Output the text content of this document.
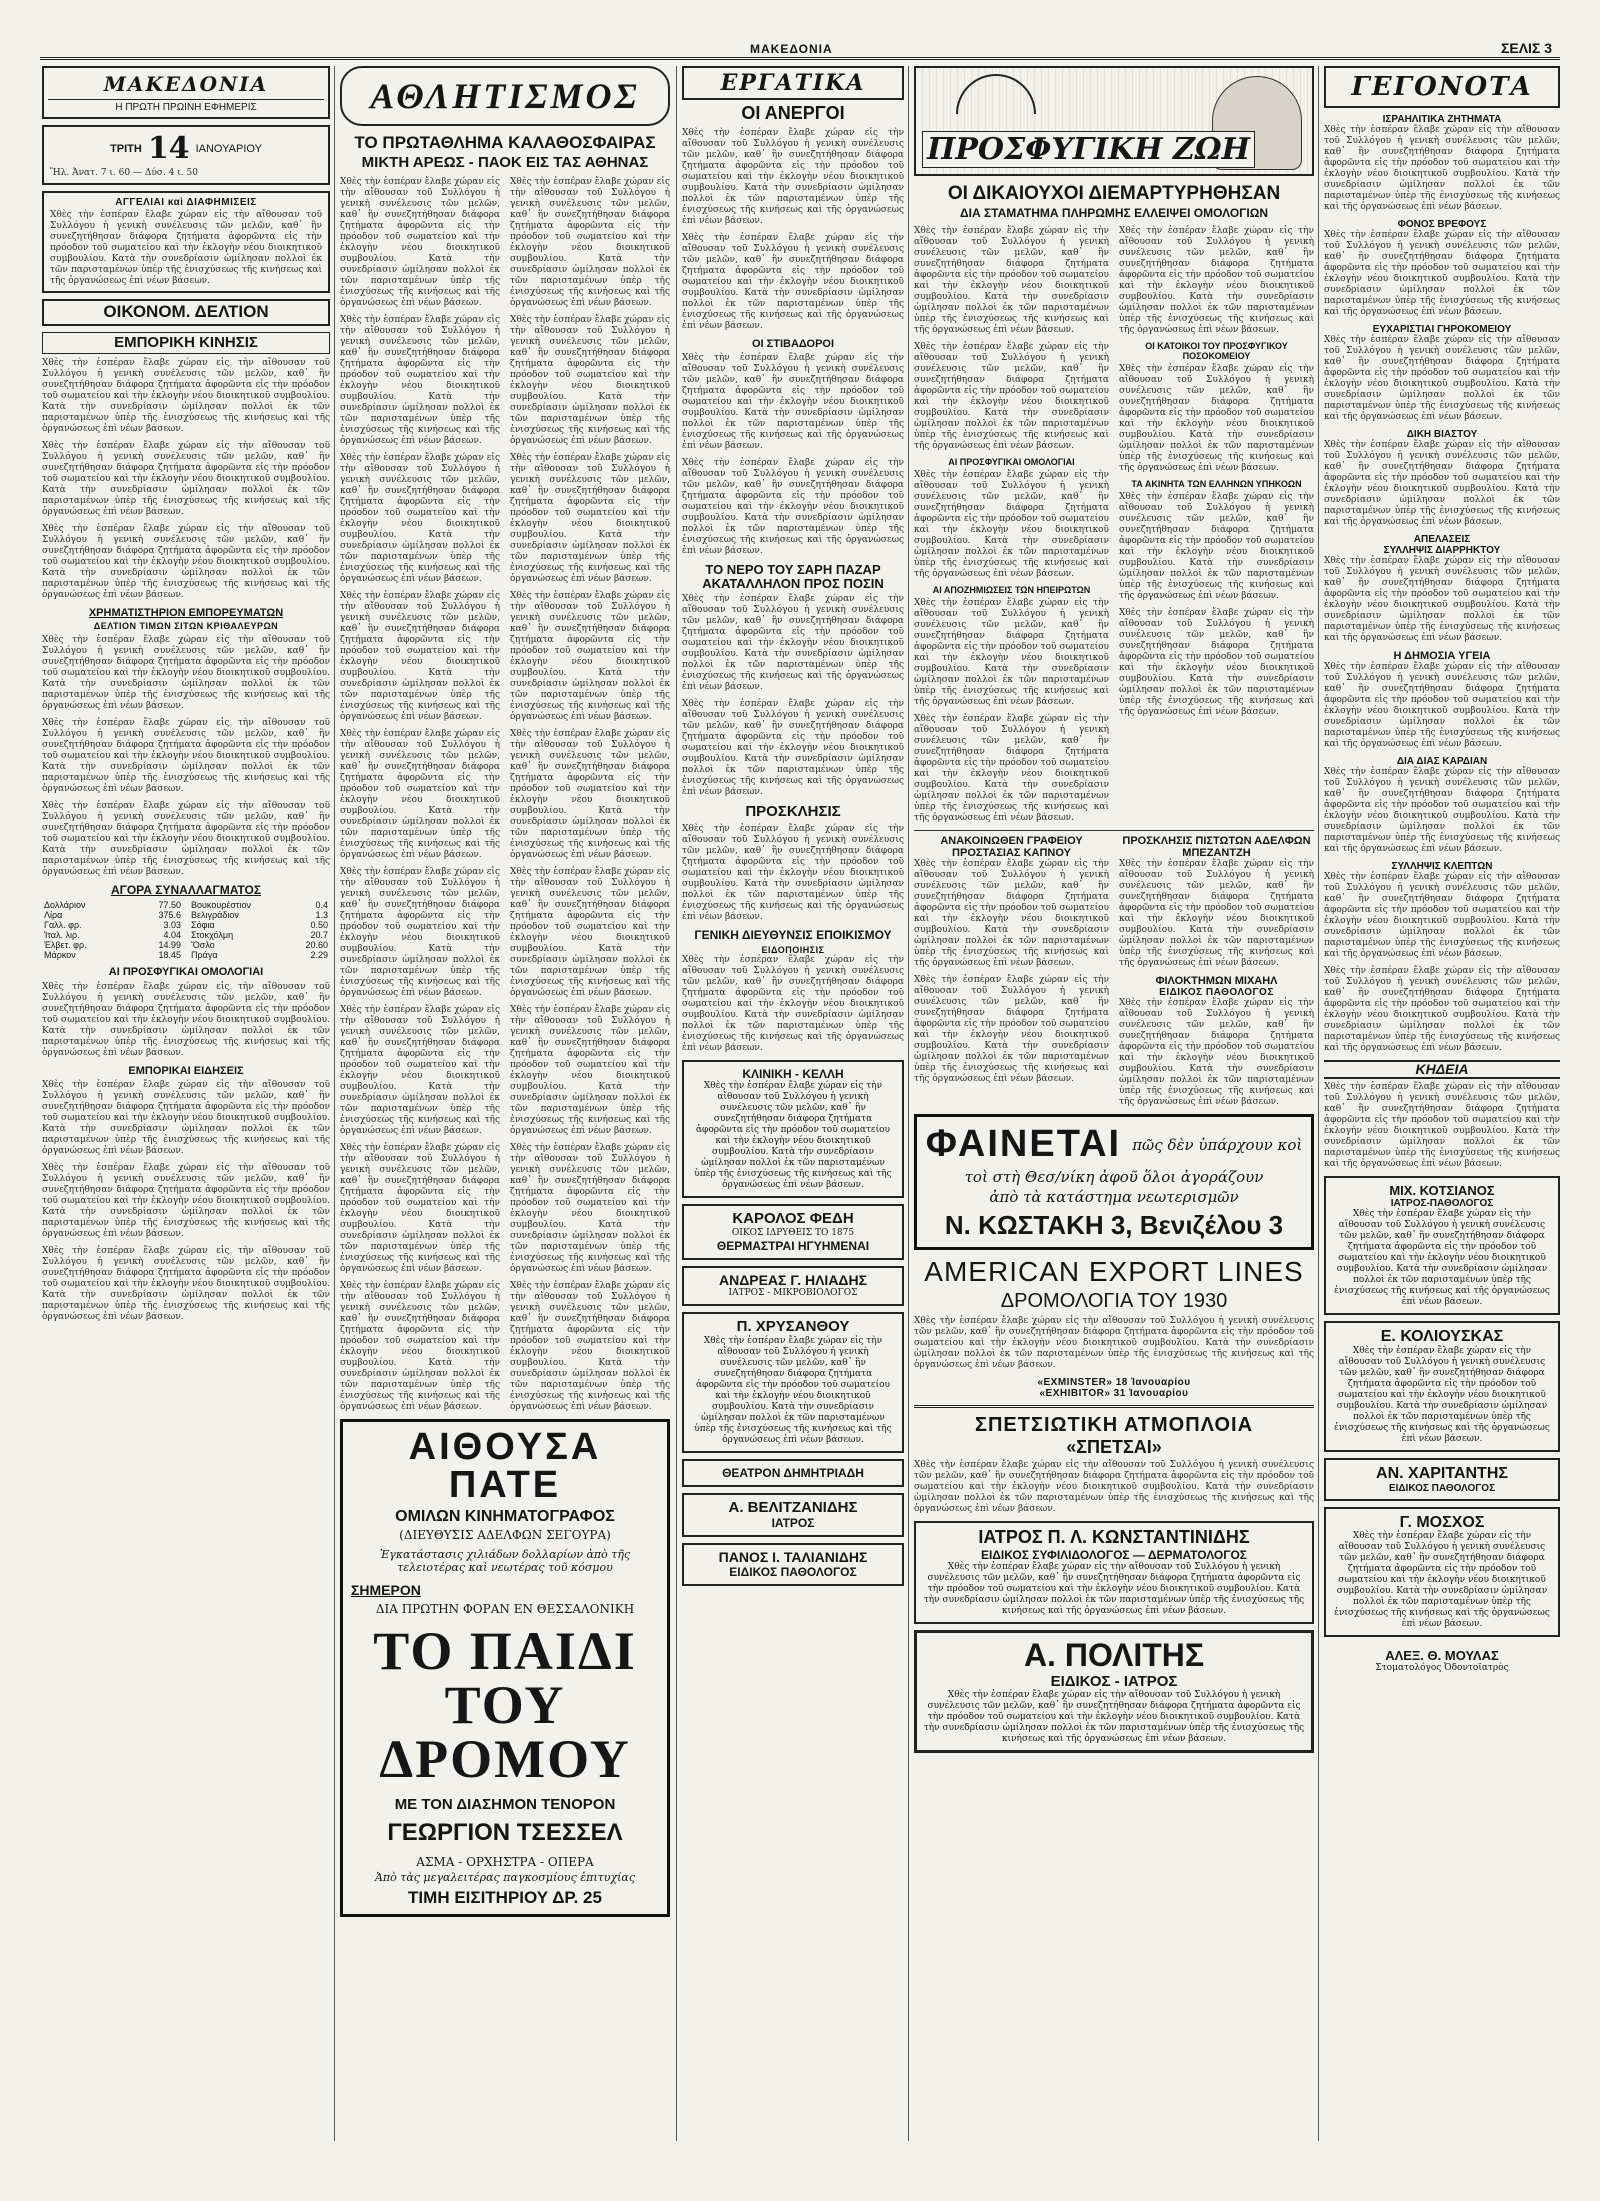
ΜΑΚΕΔΟΝΙΑ	ΣΕΛΙΣ 3
ΜΑΚΕΔΟΝΙΑ
Η ΠΡΩΤΗ ΠΡΩΙΝΗ ΕΦΗΜΕΡΙΣ
ΤΡΙΤΗ 14 ΙΑΝΟΥΑΡΙΟΥ
Ἥλ. Ἀνατ. 7 ι. 60 — Δύσ. 4 ι. 50
ΑΓΓΕΛΙΑΙ καὶ ΔΙΑΦΗΜΙΣΕΙΣ
Χθὲς τὴν ἑσπέραν ἔλαβε χώραν εἰς τὴν αἴθουσαν τοῦ Συλλόγου ἡ γενικὴ συνέλευσις τῶν μελῶν, καθ᾽ ἣν συνεζητήθησαν διάφορα ζητήματα ἀφορῶντα εἰς τὴν πρόοδον τοῦ σωματείου καὶ τὴν ἐκλογὴν νέου διοικητικοῦ συμβουλίου. Κατὰ τὴν συνεδρίασιν ὡμίλησαν πολλοὶ ἐκ τῶν παρισταμένων ὑπὲρ τῆς ἐνισχύσεως τῆς κινήσεως καὶ τῆς ὀργανώσεως ἐπὶ νέων βάσεων.
ΟΙΚΟΝΟΜ. ΔΕΛΤΙΟΝ
ΕΜΠΟΡΙΚΗ ΚΙΝΗΣΙΣ
Χθὲς τὴν ἑσπέραν ἔλαβε χώραν εἰς τὴν αἴθουσαν τοῦ Συλλόγου ἡ γενικὴ συνέλευσις τῶν μελῶν, καθ᾽ ἣν συνεζητήθησαν διάφορα ζητήματα ἀφορῶντα εἰς τὴν πρόοδον τοῦ σωματείου καὶ τὴν ἐκλογὴν νέου διοικητικοῦ συμβουλίου. Κατὰ τὴν συνεδρίασιν ὡμίλησαν πολλοὶ ἐκ τῶν παρισταμένων ὑπὲρ τῆς ἐνισχύσεως τῆς κινήσεως καὶ τῆς ὀργανώσεως ἐπὶ νέων βάσεων.
Χθὲς τὴν ἑσπέραν ἔλαβε χώραν εἰς τὴν αἴθουσαν τοῦ Συλλόγου ἡ γενικὴ συνέλευσις τῶν μελῶν, καθ᾽ ἣν συνεζητήθησαν διάφορα ζητήματα ἀφορῶντα εἰς τὴν πρόοδον τοῦ σωματείου καὶ τὴν ἐκλογὴν νέου διοικητικοῦ συμβουλίου. Κατὰ τὴν συνεδρίασιν ὡμίλησαν πολλοὶ ἐκ τῶν παρισταμένων ὑπὲρ τῆς ἐνισχύσεως τῆς κινήσεως καὶ τῆς ὀργανώσεως ἐπὶ νέων βάσεων.
Χθὲς τὴν ἑσπέραν ἔλαβε χώραν εἰς τὴν αἴθουσαν τοῦ Συλλόγου ἡ γενικὴ συνέλευσις τῶν μελῶν, καθ᾽ ἣν συνεζητήθησαν διάφορα ζητήματα ἀφορῶντα εἰς τὴν πρόοδον τοῦ σωματείου καὶ τὴν ἐκλογὴν νέου διοικητικοῦ συμβουλίου. Κατὰ τὴν συνεδρίασιν ὡμίλησαν πολλοὶ ἐκ τῶν παρισταμένων ὑπὲρ τῆς ἐνισχύσεως τῆς κινήσεως καὶ τῆς ὀργανώσεως ἐπὶ νέων βάσεων.
ΧΡΗΜΑΤΙΣΤΗΡΙΟΝ ΕΜΠΟΡΕΥΜΑΤΩΝ
ΔΕΛΤΙΟΝ ΤΙΜΩΝ ΣΙΤΩΝ ΚΡΙΘΑΛΕΥΡΩΝ
Χθὲς τὴν ἑσπέραν ἔλαβε χώραν εἰς τὴν αἴθουσαν τοῦ Συλλόγου ἡ γενικὴ συνέλευσις τῶν μελῶν, καθ᾽ ἣν συνεζητήθησαν διάφορα ζητήματα ἀφορῶντα εἰς τὴν πρόοδον τοῦ σωματείου καὶ τὴν ἐκλογὴν νέου διοικητικοῦ συμβουλίου. Κατὰ τὴν συνεδρίασιν ὡμίλησαν πολλοὶ ἐκ τῶν παρισταμένων ὑπὲρ τῆς ἐνισχύσεως τῆς κινήσεως καὶ τῆς ὀργανώσεως ἐπὶ νέων βάσεων.
Χθὲς τὴν ἑσπέραν ἔλαβε χώραν εἰς τὴν αἴθουσαν τοῦ Συλλόγου ἡ γενικὴ συνέλευσις τῶν μελῶν, καθ᾽ ἣν συνεζητήθησαν διάφορα ζητήματα ἀφορῶντα εἰς τὴν πρόοδον τοῦ σωματείου καὶ τὴν ἐκλογὴν νέου διοικητικοῦ συμβουλίου. Κατὰ τὴν συνεδρίασιν ὡμίλησαν πολλοὶ ἐκ τῶν παρισταμένων ὑπὲρ τῆς ἐνισχύσεως τῆς κινήσεως καὶ τῆς ὀργανώσεως ἐπὶ νέων βάσεων.
Χθὲς τὴν ἑσπέραν ἔλαβε χώραν εἰς τὴν αἴθουσαν τοῦ Συλλόγου ἡ γενικὴ συνέλευσις τῶν μελῶν, καθ᾽ ἣν συνεζητήθησαν διάφορα ζητήματα ἀφορῶντα εἰς τὴν πρόοδον τοῦ σωματείου καὶ τὴν ἐκλογὴν νέου διοικητικοῦ συμβουλίου. Κατὰ τὴν συνεδρίασιν ὡμίλησαν πολλοὶ ἐκ τῶν παρισταμένων ὑπὲρ τῆς ἐνισχύσεως τῆς κινήσεως καὶ τῆς ὀργανώσεως ἐπὶ νέων βάσεων.
ΑΓΟΡΑ ΣΥΝΑΛΛΑΓΜΑΤΟΣ
Δολλάριον	77.50
Λίρα	375.6
Γαλλ. φρ.	3.03
Ἰταλ. λιρ.	4.04
Ἑλβετ. φρ.	14.99
Μάρκον	18.45
Βουκουρέστιον	0.4
Βελιγράδιον	1.3
Σόφια	0.50
Στοκχόλμη	20.7
Ὄσλο	20.60
Πράγα	2.29
ΑΙ ΠΡΟΣΦΥΓΙΚΑΙ ΟΜΟΛΟΓΙΑΙ
Χθὲς τὴν ἑσπέραν ἔλαβε χώραν εἰς τὴν αἴθουσαν τοῦ Συλλόγου ἡ γενικὴ συνέλευσις τῶν μελῶν, καθ᾽ ἣν συνεζητήθησαν διάφορα ζητήματα ἀφορῶντα εἰς τὴν πρόοδον τοῦ σωματείου καὶ τὴν ἐκλογὴν νέου διοικητικοῦ συμβουλίου. Κατὰ τὴν συνεδρίασιν ὡμίλησαν πολλοὶ ἐκ τῶν παρισταμένων ὑπὲρ τῆς ἐνισχύσεως τῆς κινήσεως καὶ τῆς ὀργανώσεως ἐπὶ νέων βάσεων.
ΕΜΠΟΡΙΚΑΙ ΕΙΔΗΣΕΙΣ
Χθὲς τὴν ἑσπέραν ἔλαβε χώραν εἰς τὴν αἴθουσαν τοῦ Συλλόγου ἡ γενικὴ συνέλευσις τῶν μελῶν, καθ᾽ ἣν συνεζητήθησαν διάφορα ζητήματα ἀφορῶντα εἰς τὴν πρόοδον τοῦ σωματείου καὶ τὴν ἐκλογὴν νέου διοικητικοῦ συμβουλίου. Κατὰ τὴν συνεδρίασιν ὡμίλησαν πολλοὶ ἐκ τῶν παρισταμένων ὑπὲρ τῆς ἐνισχύσεως τῆς κινήσεως καὶ τῆς ὀργανώσεως ἐπὶ νέων βάσεων.
Χθὲς τὴν ἑσπέραν ἔλαβε χώραν εἰς τὴν αἴθουσαν τοῦ Συλλόγου ἡ γενικὴ συνέλευσις τῶν μελῶν, καθ᾽ ἣν συνεζητήθησαν διάφορα ζητήματα ἀφορῶντα εἰς τὴν πρόοδον τοῦ σωματείου καὶ τὴν ἐκλογὴν νέου διοικητικοῦ συμβουλίου. Κατὰ τὴν συνεδρίασιν ὡμίλησαν πολλοὶ ἐκ τῶν παρισταμένων ὑπὲρ τῆς ἐνισχύσεως τῆς κινήσεως καὶ τῆς ὀργανώσεως ἐπὶ νέων βάσεων.
Χθὲς τὴν ἑσπέραν ἔλαβε χώραν εἰς τὴν αἴθουσαν τοῦ Συλλόγου ἡ γενικὴ συνέλευσις τῶν μελῶν, καθ᾽ ἣν συνεζητήθησαν διάφορα ζητήματα ἀφορῶντα εἰς τὴν πρόοδον τοῦ σωματείου καὶ τὴν ἐκλογὴν νέου διοικητικοῦ συμβουλίου. Κατὰ τὴν συνεδρίασιν ὡμίλησαν πολλοὶ ἐκ τῶν παρισταμένων ὑπὲρ τῆς ἐνισχύσεως τῆς κινήσεως καὶ τῆς ὀργανώσεως ἐπὶ νέων βάσεων.
ΑΘΛΗΤΙΣΜΟΣ
ΤΟ ΠΡΩΤΑΘΛΗΜΑ ΚΑΛΑΘΟΣΦΑΙΡΑΣ
ΜΙΚΤΗ ΑΡΕΩΣ - ΠΑΟΚ ΕΙΣ ΤΑΣ ΑΘΗΝΑΣ
Χθὲς τὴν ἑσπέραν ἔλαβε χώραν εἰς τὴν αἴθουσαν τοῦ Συλλόγου ἡ γενικὴ συνέλευσις τῶν μελῶν, καθ᾽ ἣν συνεζητήθησαν διάφορα ζητήματα ἀφορῶντα εἰς τὴν πρόοδον τοῦ σωματείου καὶ τὴν ἐκλογὴν νέου διοικητικοῦ συμβουλίου. Κατὰ τὴν συνεδρίασιν ὡμίλησαν πολλοὶ ἐκ τῶν παρισταμένων ὑπὲρ τῆς ἐνισχύσεως τῆς κινήσεως καὶ τῆς ὀργανώσεως ἐπὶ νέων βάσεων.
Χθὲς τὴν ἑσπέραν ἔλαβε χώραν εἰς τὴν αἴθουσαν τοῦ Συλλόγου ἡ γενικὴ συνέλευσις τῶν μελῶν, καθ᾽ ἣν συνεζητήθησαν διάφορα ζητήματα ἀφορῶντα εἰς τὴν πρόοδον τοῦ σωματείου καὶ τὴν ἐκλογὴν νέου διοικητικοῦ συμβουλίου. Κατὰ τὴν συνεδρίασιν ὡμίλησαν πολλοὶ ἐκ τῶν παρισταμένων ὑπὲρ τῆς ἐνισχύσεως τῆς κινήσεως καὶ τῆς ὀργανώσεως ἐπὶ νέων βάσεων.
Χθὲς τὴν ἑσπέραν ἔλαβε χώραν εἰς τὴν αἴθουσαν τοῦ Συλλόγου ἡ γενικὴ συνέλευσις τῶν μελῶν, καθ᾽ ἣν συνεζητήθησαν διάφορα ζητήματα ἀφορῶντα εἰς τὴν πρόοδον τοῦ σωματείου καὶ τὴν ἐκλογὴν νέου διοικητικοῦ συμβουλίου. Κατὰ τὴν συνεδρίασιν ὡμίλησαν πολλοὶ ἐκ τῶν παρισταμένων ὑπὲρ τῆς ἐνισχύσεως τῆς κινήσεως καὶ τῆς ὀργανώσεως ἐπὶ νέων βάσεων.
Χθὲς τὴν ἑσπέραν ἔλαβε χώραν εἰς τὴν αἴθουσαν τοῦ Συλλόγου ἡ γενικὴ συνέλευσις τῶν μελῶν, καθ᾽ ἣν συνεζητήθησαν διάφορα ζητήματα ἀφορῶντα εἰς τὴν πρόοδον τοῦ σωματείου καὶ τὴν ἐκλογὴν νέου διοικητικοῦ συμβουλίου. Κατὰ τὴν συνεδρίασιν ὡμίλησαν πολλοὶ ἐκ τῶν παρισταμένων ὑπὲρ τῆς ἐνισχύσεως τῆς κινήσεως καὶ τῆς ὀργανώσεως ἐπὶ νέων βάσεων.
Χθὲς τὴν ἑσπέραν ἔλαβε χώραν εἰς τὴν αἴθουσαν τοῦ Συλλόγου ἡ γενικὴ συνέλευσις τῶν μελῶν, καθ᾽ ἣν συνεζητήθησαν διάφορα ζητήματα ἀφορῶντα εἰς τὴν πρόοδον τοῦ σωματείου καὶ τὴν ἐκλογὴν νέου διοικητικοῦ συμβουλίου. Κατὰ τὴν συνεδρίασιν ὡμίλησαν πολλοὶ ἐκ τῶν παρισταμένων ὑπὲρ τῆς ἐνισχύσεως τῆς κινήσεως καὶ τῆς ὀργανώσεως ἐπὶ νέων βάσεων.
Χθὲς τὴν ἑσπέραν ἔλαβε χώραν εἰς τὴν αἴθουσαν τοῦ Συλλόγου ἡ γενικὴ συνέλευσις τῶν μελῶν, καθ᾽ ἣν συνεζητήθησαν διάφορα ζητήματα ἀφορῶντα εἰς τὴν πρόοδον τοῦ σωματείου καὶ τὴν ἐκλογὴν νέου διοικητικοῦ συμβουλίου. Κατὰ τὴν συνεδρίασιν ὡμίλησαν πολλοὶ ἐκ τῶν παρισταμένων ὑπὲρ τῆς ἐνισχύσεως τῆς κινήσεως καὶ τῆς ὀργανώσεως ἐπὶ νέων βάσεων.
Χθὲς τὴν ἑσπέραν ἔλαβε χώραν εἰς τὴν αἴθουσαν τοῦ Συλλόγου ἡ γενικὴ συνέλευσις τῶν μελῶν, καθ᾽ ἣν συνεζητήθησαν διάφορα ζητήματα ἀφορῶντα εἰς τὴν πρόοδον τοῦ σωματείου καὶ τὴν ἐκλογὴν νέου διοικητικοῦ συμβουλίου. Κατὰ τὴν συνεδρίασιν ὡμίλησαν πολλοὶ ἐκ τῶν παρισταμένων ὑπὲρ τῆς ἐνισχύσεως τῆς κινήσεως καὶ τῆς ὀργανώσεως ἐπὶ νέων βάσεων.
Χθὲς τὴν ἑσπέραν ἔλαβε χώραν εἰς τὴν αἴθουσαν τοῦ Συλλόγου ἡ γενικὴ συνέλευσις τῶν μελῶν, καθ᾽ ἣν συνεζητήθησαν διάφορα ζητήματα ἀφορῶντα εἰς τὴν πρόοδον τοῦ σωματείου καὶ τὴν ἐκλογὴν νέου διοικητικοῦ συμβουλίου. Κατὰ τὴν συνεδρίασιν ὡμίλησαν πολλοὶ ἐκ τῶν παρισταμένων ὑπὲρ τῆς ἐνισχύσεως τῆς κινήσεως καὶ τῆς ὀργανώσεως ἐπὶ νέων βάσεων.
Χθὲς τὴν ἑσπέραν ἔλαβε χώραν εἰς τὴν αἴθουσαν τοῦ Συλλόγου ἡ γενικὴ συνέλευσις τῶν μελῶν, καθ᾽ ἣν συνεζητήθησαν διάφορα ζητήματα ἀφορῶντα εἰς τὴν πρόοδον τοῦ σωματείου καὶ τὴν ἐκλογὴν νέου διοικητικοῦ συμβουλίου. Κατὰ τὴν συνεδρίασιν ὡμίλησαν πολλοὶ ἐκ τῶν παρισταμένων ὑπὲρ τῆς ἐνισχύσεως τῆς κινήσεως καὶ τῆς ὀργανώσεως ἐπὶ νέων βάσεων.
Χθὲς τὴν ἑσπέραν ἔλαβε χώραν εἰς τὴν αἴθουσαν τοῦ Συλλόγου ἡ γενικὴ συνέλευσις τῶν μελῶν, καθ᾽ ἣν συνεζητήθησαν διάφορα ζητήματα ἀφορῶντα εἰς τὴν πρόοδον τοῦ σωματείου καὶ τὴν ἐκλογὴν νέου διοικητικοῦ συμβουλίου. Κατὰ τὴν συνεδρίασιν ὡμίλησαν πολλοὶ ἐκ τῶν παρισταμένων ὑπὲρ τῆς ἐνισχύσεως τῆς κινήσεως καὶ τῆς ὀργανώσεως ἐπὶ νέων βάσεων.
Χθὲς τὴν ἑσπέραν ἔλαβε χώραν εἰς τὴν αἴθουσαν τοῦ Συλλόγου ἡ γενικὴ συνέλευσις τῶν μελῶν, καθ᾽ ἣν συνεζητήθησαν διάφορα ζητήματα ἀφορῶντα εἰς τὴν πρόοδον τοῦ σωματείου καὶ τὴν ἐκλογὴν νέου διοικητικοῦ συμβουλίου. Κατὰ τὴν συνεδρίασιν ὡμίλησαν πολλοὶ ἐκ τῶν παρισταμένων ὑπὲρ τῆς ἐνισχύσεως τῆς κινήσεως καὶ τῆς ὀργανώσεως ἐπὶ νέων βάσεων.
Χθὲς τὴν ἑσπέραν ἔλαβε χώραν εἰς τὴν αἴθουσαν τοῦ Συλλόγου ἡ γενικὴ συνέλευσις τῶν μελῶν, καθ᾽ ἣν συνεζητήθησαν διάφορα ζητήματα ἀφορῶντα εἰς τὴν πρόοδον τοῦ σωματείου καὶ τὴν ἐκλογὴν νέου διοικητικοῦ συμβουλίου. Κατὰ τὴν συνεδρίασιν ὡμίλησαν πολλοὶ ἐκ τῶν παρισταμένων ὑπὲρ τῆς ἐνισχύσεως τῆς κινήσεως καὶ τῆς ὀργανώσεως ἐπὶ νέων βάσεων.
Χθὲς τὴν ἑσπέραν ἔλαβε χώραν εἰς τὴν αἴθουσαν τοῦ Συλλόγου ἡ γενικὴ συνέλευσις τῶν μελῶν, καθ᾽ ἣν συνεζητήθησαν διάφορα ζητήματα ἀφορῶντα εἰς τὴν πρόοδον τοῦ σωματείου καὶ τὴν ἐκλογὴν νέου διοικητικοῦ συμβουλίου. Κατὰ τὴν συνεδρίασιν ὡμίλησαν πολλοὶ ἐκ τῶν παρισταμένων ὑπὲρ τῆς ἐνισχύσεως τῆς κινήσεως καὶ τῆς ὀργανώσεως ἐπὶ νέων βάσεων.
Χθὲς τὴν ἑσπέραν ἔλαβε χώραν εἰς τὴν αἴθουσαν τοῦ Συλλόγου ἡ γενικὴ συνέλευσις τῶν μελῶν, καθ᾽ ἣν συνεζητήθησαν διάφορα ζητήματα ἀφορῶντα εἰς τὴν πρόοδον τοῦ σωματείου καὶ τὴν ἐκλογὴν νέου διοικητικοῦ συμβουλίου. Κατὰ τὴν συνεδρίασιν ὡμίλησαν πολλοὶ ἐκ τῶν παρισταμένων ὑπὲρ τῆς ἐνισχύσεως τῆς κινήσεως καὶ τῆς ὀργανώσεως ἐπὶ νέων βάσεων.
Χθὲς τὴν ἑσπέραν ἔλαβε χώραν εἰς τὴν αἴθουσαν τοῦ Συλλόγου ἡ γενικὴ συνέλευσις τῶν μελῶν, καθ᾽ ἣν συνεζητήθησαν διάφορα ζητήματα ἀφορῶντα εἰς τὴν πρόοδον τοῦ σωματείου καὶ τὴν ἐκλογὴν νέου διοικητικοῦ συμβουλίου. Κατὰ τὴν συνεδρίασιν ὡμίλησαν πολλοὶ ἐκ τῶν παρισταμένων ὑπὲρ τῆς ἐνισχύσεως τῆς κινήσεως καὶ τῆς ὀργανώσεως ἐπὶ νέων βάσεων.
Χθὲς τὴν ἑσπέραν ἔλαβε χώραν εἰς τὴν αἴθουσαν τοῦ Συλλόγου ἡ γενικὴ συνέλευσις τῶν μελῶν, καθ᾽ ἣν συνεζητήθησαν διάφορα ζητήματα ἀφορῶντα εἰς τὴν πρόοδον τοῦ σωματείου καὶ τὴν ἐκλογὴν νέου διοικητικοῦ συμβουλίου. Κατὰ τὴν συνεδρίασιν ὡμίλησαν πολλοὶ ἐκ τῶν παρισταμένων ὑπὲρ τῆς ἐνισχύσεως τῆς κινήσεως καὶ τῆς ὀργανώσεως ἐπὶ νέων βάσεων.
Χθὲς τὴν ἑσπέραν ἔλαβε χώραν εἰς τὴν αἴθουσαν τοῦ Συλλόγου ἡ γενικὴ συνέλευσις τῶν μελῶν, καθ᾽ ἣν συνεζητήθησαν διάφορα ζητήματα ἀφορῶντα εἰς τὴν πρόοδον τοῦ σωματείου καὶ τὴν ἐκλογὴν νέου διοικητικοῦ συμβουλίου. Κατὰ τὴν συνεδρίασιν ὡμίλησαν πολλοὶ ἐκ τῶν παρισταμένων ὑπὲρ τῆς ἐνισχύσεως τῆς κινήσεως καὶ τῆς ὀργανώσεως ἐπὶ νέων βάσεων.
Χθὲς τὴν ἑσπέραν ἔλαβε χώραν εἰς τὴν αἴθουσαν τοῦ Συλλόγου ἡ γενικὴ συνέλευσις τῶν μελῶν, καθ᾽ ἣν συνεζητήθησαν διάφορα ζητήματα ἀφορῶντα εἰς τὴν πρόοδον τοῦ σωματείου καὶ τὴν ἐκλογὴν νέου διοικητικοῦ συμβουλίου. Κατὰ τὴν συνεδρίασιν ὡμίλησαν πολλοὶ ἐκ τῶν παρισταμένων ὑπὲρ τῆς ἐνισχύσεως τῆς κινήσεως καὶ τῆς ὀργανώσεως ἐπὶ νέων βάσεων.
ΑΙΘΟΥΣΑ ΠΑΤΕ
ΟΜΙΛΩΝ ΚΙΝΗΜΑΤΟΓΡΑΦΟΣ
(ΔΙΕΥΘΥΣΙΣ ΑΔΕΛΦΩΝ ΣΕΓΟΥΡΑ)
Ἐγκατάστασις χιλιάδων δολλαρίων ἀπὸ τῆς τελειοτέρας καὶ νεωτέρας τοῦ κόσμου
ΣΗΜΕΡΟΝ
ΔΙΑ ΠΡΩΤΗΝ ΦΟΡΑΝ ΕΝ ΘΕΣΣΑΛΟΝΙΚΗ
ΤΟ ΠΑΙΔΙ ΤΟΥ ΔΡΟΜΟΥ
ΜΕ ΤΟΝ ΔΙΑΣΗΜΟΝ ΤΕΝΟΡΟΝ
ΓΕΩΡΓΙΟΝ ΤΣΕΣΣΕΛ
ΑΣΜΑ - ΟΡΧΗΣΤΡΑ - ΟΠΕΡΑ
Ἀπὸ τὰς μεγαλειτέρας παγκοσμίους ἐπιτυχίας
ΤΙΜΗ ΕΙΣΙΤΗΡΙΟΥ ΔΡ. 25
ΕΡΓΑΤΙΚΑ
ΟΙ ΑΝΕΡΓΟΙ
Χθὲς τὴν ἑσπέραν ἔλαβε χώραν εἰς τὴν αἴθουσαν τοῦ Συλλόγου ἡ γενικὴ συνέλευσις τῶν μελῶν, καθ᾽ ἣν συνεζητήθησαν διάφορα ζητήματα ἀφορῶντα εἰς τὴν πρόοδον τοῦ σωματείου καὶ τὴν ἐκλογὴν νέου διοικητικοῦ συμβουλίου. Κατὰ τὴν συνεδρίασιν ὡμίλησαν πολλοὶ ἐκ τῶν παρισταμένων ὑπὲρ τῆς ἐνισχύσεως τῆς κινήσεως καὶ τῆς ὀργανώσεως ἐπὶ νέων βάσεων.
Χθὲς τὴν ἑσπέραν ἔλαβε χώραν εἰς τὴν αἴθουσαν τοῦ Συλλόγου ἡ γενικὴ συνέλευσις τῶν μελῶν, καθ᾽ ἣν συνεζητήθησαν διάφορα ζητήματα ἀφορῶντα εἰς τὴν πρόοδον τοῦ σωματείου καὶ τὴν ἐκλογὴν νέου διοικητικοῦ συμβουλίου. Κατὰ τὴν συνεδρίασιν ὡμίλησαν πολλοὶ ἐκ τῶν παρισταμένων ὑπὲρ τῆς ἐνισχύσεως τῆς κινήσεως καὶ τῆς ὀργανώσεως ἐπὶ νέων βάσεων.
ΟΙ ΣΤΙΒΑΔΟΡΟΙ
Χθὲς τὴν ἑσπέραν ἔλαβε χώραν εἰς τὴν αἴθουσαν τοῦ Συλλόγου ἡ γενικὴ συνέλευσις τῶν μελῶν, καθ᾽ ἣν συνεζητήθησαν διάφορα ζητήματα ἀφορῶντα εἰς τὴν πρόοδον τοῦ σωματείου καὶ τὴν ἐκλογὴν νέου διοικητικοῦ συμβουλίου. Κατὰ τὴν συνεδρίασιν ὡμίλησαν πολλοὶ ἐκ τῶν παρισταμένων ὑπὲρ τῆς ἐνισχύσεως τῆς κινήσεως καὶ τῆς ὀργανώσεως ἐπὶ νέων βάσεων.
Χθὲς τὴν ἑσπέραν ἔλαβε χώραν εἰς τὴν αἴθουσαν τοῦ Συλλόγου ἡ γενικὴ συνέλευσις τῶν μελῶν, καθ᾽ ἣν συνεζητήθησαν διάφορα ζητήματα ἀφορῶντα εἰς τὴν πρόοδον τοῦ σωματείου καὶ τὴν ἐκλογὴν νέου διοικητικοῦ συμβουλίου. Κατὰ τὴν συνεδρίασιν ὡμίλησαν πολλοὶ ἐκ τῶν παρισταμένων ὑπὲρ τῆς ἐνισχύσεως τῆς κινήσεως καὶ τῆς ὀργανώσεως ἐπὶ νέων βάσεων.
ΤΟ ΝΕΡΟ ΤΟΥ ΣΑΡΗ ΠΑΖΑΡ ΑΚΑΤΑΛΛΗΛΟΝ ΠΡΟΣ ΠΟΣΙΝ
Χθὲς τὴν ἑσπέραν ἔλαβε χώραν εἰς τὴν αἴθουσαν τοῦ Συλλόγου ἡ γενικὴ συνέλευσις τῶν μελῶν, καθ᾽ ἣν συνεζητήθησαν διάφορα ζητήματα ἀφορῶντα εἰς τὴν πρόοδον τοῦ σωματείου καὶ τὴν ἐκλογὴν νέου διοικητικοῦ συμβουλίου. Κατὰ τὴν συνεδρίασιν ὡμίλησαν πολλοὶ ἐκ τῶν παρισταμένων ὑπὲρ τῆς ἐνισχύσεως τῆς κινήσεως καὶ τῆς ὀργανώσεως ἐπὶ νέων βάσεων.
Χθὲς τὴν ἑσπέραν ἔλαβε χώραν εἰς τὴν αἴθουσαν τοῦ Συλλόγου ἡ γενικὴ συνέλευσις τῶν μελῶν, καθ᾽ ἣν συνεζητήθησαν διάφορα ζητήματα ἀφορῶντα εἰς τὴν πρόοδον τοῦ σωματείου καὶ τὴν ἐκλογὴν νέου διοικητικοῦ συμβουλίου. Κατὰ τὴν συνεδρίασιν ὡμίλησαν πολλοὶ ἐκ τῶν παρισταμένων ὑπὲρ τῆς ἐνισχύσεως τῆς κινήσεως καὶ τῆς ὀργανώσεως ἐπὶ νέων βάσεων.
ΠΡΟΣΚΛΗΣΙΣ
Χθὲς τὴν ἑσπέραν ἔλαβε χώραν εἰς τὴν αἴθουσαν τοῦ Συλλόγου ἡ γενικὴ συνέλευσις τῶν μελῶν, καθ᾽ ἣν συνεζητήθησαν διάφορα ζητήματα ἀφορῶντα εἰς τὴν πρόοδον τοῦ σωματείου καὶ τὴν ἐκλογὴν νέου διοικητικοῦ συμβουλίου. Κατὰ τὴν συνεδρίασιν ὡμίλησαν πολλοὶ ἐκ τῶν παρισταμένων ὑπὲρ τῆς ἐνισχύσεως τῆς κινήσεως καὶ τῆς ὀργανώσεως ἐπὶ νέων βάσεων.
ΓΕΝΙΚΗ ΔΙΕΥΘΥΝΣΙΣ ΕΠΟΙΚΙΣΜΟΥ
ΕΙΔΟΠΟΙΗΣΙΣ
Χθὲς τὴν ἑσπέραν ἔλαβε χώραν εἰς τὴν αἴθουσαν τοῦ Συλλόγου ἡ γενικὴ συνέλευσις τῶν μελῶν, καθ᾽ ἣν συνεζητήθησαν διάφορα ζητήματα ἀφορῶντα εἰς τὴν πρόοδον τοῦ σωματείου καὶ τὴν ἐκλογὴν νέου διοικητικοῦ συμβουλίου. Κατὰ τὴν συνεδρίασιν ὡμίλησαν πολλοὶ ἐκ τῶν παρισταμένων ὑπὲρ τῆς ἐνισχύσεως τῆς κινήσεως καὶ τῆς ὀργανώσεως ἐπὶ νέων βάσεων.
ΚΛΙΝΙΚΗ - ΚΕΛΛΗ
Χθὲς τὴν ἑσπέραν ἔλαβε χώραν εἰς τὴν αἴθουσαν τοῦ Συλλόγου ἡ γενικὴ συνέλευσις τῶν μελῶν, καθ᾽ ἣν συνεζητήθησαν διάφορα ζητήματα ἀφορῶντα εἰς τὴν πρόοδον τοῦ σωματείου καὶ τὴν ἐκλογὴν νέου διοικητικοῦ συμβουλίου. Κατὰ τὴν συνεδρίασιν ὡμίλησαν πολλοὶ ἐκ τῶν παρισταμένων ὑπὲρ τῆς ἐνισχύσεως τῆς κινήσεως καὶ τῆς ὀργανώσεως ἐπὶ νέων βάσεων.
ΚΑΡΟΛΟΣ ΦΕΔΗ
ΟΙΚΟΣ ΙΔΡΥΘΕΙΣ ΤΟ 1875
ΘΕΡΜΑΣΤΡΑΙ ΗΓΥΗΜΕΝΑΙ
ΑΝΔΡΕΑΣ Γ. ΗΛΙΑΔΗΣ
ΙΑΤΡΟΣ - ΜΙΚΡΟΒΙΟΛΟΓΟΣ
Π. ΧΡΥΣΑΝΘΟΥ
Χθὲς τὴν ἑσπέραν ἔλαβε χώραν εἰς τὴν αἴθουσαν τοῦ Συλλόγου ἡ γενικὴ συνέλευσις τῶν μελῶν, καθ᾽ ἣν συνεζητήθησαν διάφορα ζητήματα ἀφορῶντα εἰς τὴν πρόοδον τοῦ σωματείου καὶ τὴν ἐκλογὴν νέου διοικητικοῦ συμβουλίου. Κατὰ τὴν συνεδρίασιν ὡμίλησαν πολλοὶ ἐκ τῶν παρισταμένων ὑπὲρ τῆς ἐνισχύσεως τῆς κινήσεως καὶ τῆς ὀργανώσεως ἐπὶ νέων βάσεων.
ΘΕΑΤΡΟΝ ΔΗΜΗΤΡΙΑΔΗ
Α. ΒΕΛΙΤΖΑΝΙΔΗΣ
ΙΑΤΡΟΣ
ΠΑΝΟΣ Ι. ΤΑΛΙΑΝΙΔΗΣ
ΕΙΔΙΚΟΣ ΠΑΘΟΛΟΓΟΣ
ΠΡΟΣΦΥΓΙΚΗ ΖΩΗ
ΟΙ ΔΙΚΑΙΟΥΧΟΙ ΔΙΕΜΑΡΤΥΡΗΘΗΣΑΝ
ΔΙΑ ΣΤΑΜΑΤΗΜΑ ΠΛΗΡΩΜΗΣ ΕΛΛΕΙΨΕΙ ΟΜΟΛΟΓΙΩΝ
Χθὲς τὴν ἑσπέραν ἔλαβε χώραν εἰς τὴν αἴθουσαν τοῦ Συλλόγου ἡ γενικὴ συνέλευσις τῶν μελῶν, καθ᾽ ἣν συνεζητήθησαν διάφορα ζητήματα ἀφορῶντα εἰς τὴν πρόοδον τοῦ σωματείου καὶ τὴν ἐκλογὴν νέου διοικητικοῦ συμβουλίου. Κατὰ τὴν συνεδρίασιν ὡμίλησαν πολλοὶ ἐκ τῶν παρισταμένων ὑπὲρ τῆς ἐνισχύσεως τῆς κινήσεως καὶ τῆς ὀργανώσεως ἐπὶ νέων βάσεων.
Χθὲς τὴν ἑσπέραν ἔλαβε χώραν εἰς τὴν αἴθουσαν τοῦ Συλλόγου ἡ γενικὴ συνέλευσις τῶν μελῶν, καθ᾽ ἣν συνεζητήθησαν διάφορα ζητήματα ἀφορῶντα εἰς τὴν πρόοδον τοῦ σωματείου καὶ τὴν ἐκλογὴν νέου διοικητικοῦ συμβουλίου. Κατὰ τὴν συνεδρίασιν ὡμίλησαν πολλοὶ ἐκ τῶν παρισταμένων ὑπὲρ τῆς ἐνισχύσεως τῆς κινήσεως καὶ τῆς ὀργανώσεως ἐπὶ νέων βάσεων.
ΑΙ ΠΡΟΣΦΥΓΙΚΑΙ ΟΜΟΛΟΓΙΑΙ
Χθὲς τὴν ἑσπέραν ἔλαβε χώραν εἰς τὴν αἴθουσαν τοῦ Συλλόγου ἡ γενικὴ συνέλευσις τῶν μελῶν, καθ᾽ ἣν συνεζητήθησαν διάφορα ζητήματα ἀφορῶντα εἰς τὴν πρόοδον τοῦ σωματείου καὶ τὴν ἐκλογὴν νέου διοικητικοῦ συμβουλίου. Κατὰ τὴν συνεδρίασιν ὡμίλησαν πολλοὶ ἐκ τῶν παρισταμένων ὑπὲρ τῆς ἐνισχύσεως τῆς κινήσεως καὶ τῆς ὀργανώσεως ἐπὶ νέων βάσεων.
ΑΙ ΑΠΟΖΗΜΙΩΣΕΙΣ ΤΩΝ ΗΠΕΙΡΩΤΩΝ
Χθὲς τὴν ἑσπέραν ἔλαβε χώραν εἰς τὴν αἴθουσαν τοῦ Συλλόγου ἡ γενικὴ συνέλευσις τῶν μελῶν, καθ᾽ ἣν συνεζητήθησαν διάφορα ζητήματα ἀφορῶντα εἰς τὴν πρόοδον τοῦ σωματείου καὶ τὴν ἐκλογὴν νέου διοικητικοῦ συμβουλίου. Κατὰ τὴν συνεδρίασιν ὡμίλησαν πολλοὶ ἐκ τῶν παρισταμένων ὑπὲρ τῆς ἐνισχύσεως τῆς κινήσεως καὶ τῆς ὀργανώσεως ἐπὶ νέων βάσεων.
Χθὲς τὴν ἑσπέραν ἔλαβε χώραν εἰς τὴν αἴθουσαν τοῦ Συλλόγου ἡ γενικὴ συνέλευσις τῶν μελῶν, καθ᾽ ἣν συνεζητήθησαν διάφορα ζητήματα ἀφορῶντα εἰς τὴν πρόοδον τοῦ σωματείου καὶ τὴν ἐκλογὴν νέου διοικητικοῦ συμβουλίου. Κατὰ τὴν συνεδρίασιν ὡμίλησαν πολλοὶ ἐκ τῶν παρισταμένων ὑπὲρ τῆς ἐνισχύσεως τῆς κινήσεως καὶ τῆς ὀργανώσεως ἐπὶ νέων βάσεων.
Χθὲς τὴν ἑσπέραν ἔλαβε χώραν εἰς τὴν αἴθουσαν τοῦ Συλλόγου ἡ γενικὴ συνέλευσις τῶν μελῶν, καθ᾽ ἣν συνεζητήθησαν διάφορα ζητήματα ἀφορῶντα εἰς τὴν πρόοδον τοῦ σωματείου καὶ τὴν ἐκλογὴν νέου διοικητικοῦ συμβουλίου. Κατὰ τὴν συνεδρίασιν ὡμίλησαν πολλοὶ ἐκ τῶν παρισταμένων ὑπὲρ τῆς ἐνισχύσεως τῆς κινήσεως καὶ τῆς ὀργανώσεως ἐπὶ νέων βάσεων.
ΟΙ ΚΑΤΟΙΚΟΙ ΤΟΥ ΠΡΟΣΦΥΓΙΚΟΥ ΠΟΣΟΚΟΜΕΙΟΥ
Χθὲς τὴν ἑσπέραν ἔλαβε χώραν εἰς τὴν αἴθουσαν τοῦ Συλλόγου ἡ γενικὴ συνέλευσις τῶν μελῶν, καθ᾽ ἣν συνεζητήθησαν διάφορα ζητήματα ἀφορῶντα εἰς τὴν πρόοδον τοῦ σωματείου καὶ τὴν ἐκλογὴν νέου διοικητικοῦ συμβουλίου. Κατὰ τὴν συνεδρίασιν ὡμίλησαν πολλοὶ ἐκ τῶν παρισταμένων ὑπὲρ τῆς ἐνισχύσεως τῆς κινήσεως καὶ τῆς ὀργανώσεως ἐπὶ νέων βάσεων.
ΤΑ ΑΚΙΝΗΤΑ ΤΩΝ ΕΛΛΗΝΩΝ ΥΠΗΚΟΩΝ
Χθὲς τὴν ἑσπέραν ἔλαβε χώραν εἰς τὴν αἴθουσαν τοῦ Συλλόγου ἡ γενικὴ συνέλευσις τῶν μελῶν, καθ᾽ ἣν συνεζητήθησαν διάφορα ζητήματα ἀφορῶντα εἰς τὴν πρόοδον τοῦ σωματείου καὶ τὴν ἐκλογὴν νέου διοικητικοῦ συμβουλίου. Κατὰ τὴν συνεδρίασιν ὡμίλησαν πολλοὶ ἐκ τῶν παρισταμένων ὑπὲρ τῆς ἐνισχύσεως τῆς κινήσεως καὶ τῆς ὀργανώσεως ἐπὶ νέων βάσεων.
Χθὲς τὴν ἑσπέραν ἔλαβε χώραν εἰς τὴν αἴθουσαν τοῦ Συλλόγου ἡ γενικὴ συνέλευσις τῶν μελῶν, καθ᾽ ἣν συνεζητήθησαν διάφορα ζητήματα ἀφορῶντα εἰς τὴν πρόοδον τοῦ σωματείου καὶ τὴν ἐκλογὴν νέου διοικητικοῦ συμβουλίου. Κατὰ τὴν συνεδρίασιν ὡμίλησαν πολλοὶ ἐκ τῶν παρισταμένων ὑπὲρ τῆς ἐνισχύσεως τῆς κινήσεως καὶ τῆς ὀργανώσεως ἐπὶ νέων βάσεων.
ΑΝΑΚΟΙΝΩΘΕΝ ΓΡΑΦΕΙΟΥ ΠΡΟΣΤΑΣΙΑΣ ΚΑΠΝΟΥ
Χθὲς τὴν ἑσπέραν ἔλαβε χώραν εἰς τὴν αἴθουσαν τοῦ Συλλόγου ἡ γενικὴ συνέλευσις τῶν μελῶν, καθ᾽ ἣν συνεζητήθησαν διάφορα ζητήματα ἀφορῶντα εἰς τὴν πρόοδον τοῦ σωματείου καὶ τὴν ἐκλογὴν νέου διοικητικοῦ συμβουλίου. Κατὰ τὴν συνεδρίασιν ὡμίλησαν πολλοὶ ἐκ τῶν παρισταμένων ὑπὲρ τῆς ἐνισχύσεως τῆς κινήσεως καὶ τῆς ὀργανώσεως ἐπὶ νέων βάσεων.
Χθὲς τὴν ἑσπέραν ἔλαβε χώραν εἰς τὴν αἴθουσαν τοῦ Συλλόγου ἡ γενικὴ συνέλευσις τῶν μελῶν, καθ᾽ ἣν συνεζητήθησαν διάφορα ζητήματα ἀφορῶντα εἰς τὴν πρόοδον τοῦ σωματείου καὶ τὴν ἐκλογὴν νέου διοικητικοῦ συμβουλίου. Κατὰ τὴν συνεδρίασιν ὡμίλησαν πολλοὶ ἐκ τῶν παρισταμένων ὑπὲρ τῆς ἐνισχύσεως τῆς κινήσεως καὶ τῆς ὀργανώσεως ἐπὶ νέων βάσεων.
ΠΡΟΣΚΛΗΣΙΣ ΠΙΣΤΩΤΩΝ ΑΔΕΛΦΩΝ ΜΠΕΖΑΝΤΖΗ
Χθὲς τὴν ἑσπέραν ἔλαβε χώραν εἰς τὴν αἴθουσαν τοῦ Συλλόγου ἡ γενικὴ συνέλευσις τῶν μελῶν, καθ᾽ ἣν συνεζητήθησαν διάφορα ζητήματα ἀφορῶντα εἰς τὴν πρόοδον τοῦ σωματείου καὶ τὴν ἐκλογὴν νέου διοικητικοῦ συμβουλίου. Κατὰ τὴν συνεδρίασιν ὡμίλησαν πολλοὶ ἐκ τῶν παρισταμένων ὑπὲρ τῆς ἐνισχύσεως τῆς κινήσεως καὶ τῆς ὀργανώσεως ἐπὶ νέων βάσεων.
ΦΙΛΟΚΤΗΜΩΝ ΜΙΧΑΗΛ
ΕΙΔΙΚΟΣ ΠΑΘΟΛΟΓΟΣ
Χθὲς τὴν ἑσπέραν ἔλαβε χώραν εἰς τὴν αἴθουσαν τοῦ Συλλόγου ἡ γενικὴ συνέλευσις τῶν μελῶν, καθ᾽ ἣν συνεζητήθησαν διάφορα ζητήματα ἀφορῶντα εἰς τὴν πρόοδον τοῦ σωματείου καὶ τὴν ἐκλογὴν νέου διοικητικοῦ συμβουλίου. Κατὰ τὴν συνεδρίασιν ὡμίλησαν πολλοὶ ἐκ τῶν παρισταμένων ὑπὲρ τῆς ἐνισχύσεως τῆς κινήσεως καὶ τῆς ὀργανώσεως ἐπὶ νέων βάσεων.
ΦΑΙΝΕΤΑΙ πῶς δὲν ὑπάρχουν κοὶ
τοὶ στὴ Θεσ/νίκη ἀφοῦ ὅλοι ἀγοράζουν
ἀπὸ τὰ κατάστημα νεωτερισμῶν
Ν. ΚΩΣΤΑΚΗ 3, Βενιζέλου 3
AMERICAN EXPORT LINES
ΔΡΟΜΟΛΟΓΙΑ ΤΟΥ 1930
Χθὲς τὴν ἑσπέραν ἔλαβε χώραν εἰς τὴν αἴθουσαν τοῦ Συλλόγου ἡ γενικὴ συνέλευσις τῶν μελῶν, καθ᾽ ἣν συνεζητήθησαν διάφορα ζητήματα ἀφορῶντα εἰς τὴν πρόοδον τοῦ σωματείου καὶ τὴν ἐκλογὴν νέου διοικητικοῦ συμβουλίου. Κατὰ τὴν συνεδρίασιν ὡμίλησαν πολλοὶ ἐκ τῶν παρισταμένων ὑπὲρ τῆς ἐνισχύσεως τῆς κινήσεως καὶ τῆς ὀργανώσεως ἐπὶ νέων βάσεων.
«EXMINSTER» 18 Ἰανουαρίου
«EXHIBITOR» 31 Ἰανουαρίου
ΣΠΕΤΣΙΩΤΙΚΗ ΑΤΜΟΠΛΟΙΑ
«ΣΠΕΤΣΑΙ»
Χθὲς τὴν ἑσπέραν ἔλαβε χώραν εἰς τὴν αἴθουσαν τοῦ Συλλόγου ἡ γενικὴ συνέλευσις τῶν μελῶν, καθ᾽ ἣν συνεζητήθησαν διάφορα ζητήματα ἀφορῶντα εἰς τὴν πρόοδον τοῦ σωματείου καὶ τὴν ἐκλογὴν νέου διοικητικοῦ συμβουλίου. Κατὰ τὴν συνεδρίασιν ὡμίλησαν πολλοὶ ἐκ τῶν παρισταμένων ὑπὲρ τῆς ἐνισχύσεως τῆς κινήσεως καὶ τῆς ὀργανώσεως ἐπὶ νέων βάσεων.
ΙΑΤΡΟΣ Π. Λ. ΚΩΝΣΤΑΝΤΙΝΙΔΗΣ
ΕΙΔΙΚΟΣ ΣΥΦΙΛΙΔΟΛΟΓΟΣ — ΔΕΡΜΑΤΟΛΟΓΟΣ
Χθὲς τὴν ἑσπέραν ἔλαβε χώραν εἰς τὴν αἴθουσαν τοῦ Συλλόγου ἡ γενικὴ συνέλευσις τῶν μελῶν, καθ᾽ ἣν συνεζητήθησαν διάφορα ζητήματα ἀφορῶντα εἰς τὴν πρόοδον τοῦ σωματείου καὶ τὴν ἐκλογὴν νέου διοικητικοῦ συμβουλίου. Κατὰ τὴν συνεδρίασιν ὡμίλησαν πολλοὶ ἐκ τῶν παρισταμένων ὑπὲρ τῆς ἐνισχύσεως τῆς κινήσεως καὶ τῆς ὀργανώσεως ἐπὶ νέων βάσεων.
Α. ΠΟΛΙΤΗΣ
ΕΙΔΙΚΟΣ - ΙΑΤΡΟΣ
Χθὲς τὴν ἑσπέραν ἔλαβε χώραν εἰς τὴν αἴθουσαν τοῦ Συλλόγου ἡ γενικὴ συνέλευσις τῶν μελῶν, καθ᾽ ἣν συνεζητήθησαν διάφορα ζητήματα ἀφορῶντα εἰς τὴν πρόοδον τοῦ σωματείου καὶ τὴν ἐκλογὴν νέου διοικητικοῦ συμβουλίου. Κατὰ τὴν συνεδρίασιν ὡμίλησαν πολλοὶ ἐκ τῶν παρισταμένων ὑπὲρ τῆς ἐνισχύσεως τῆς κινήσεως καὶ τῆς ὀργανώσεως ἐπὶ νέων βάσεων.
ΓΕΓΟΝΟΤΑ
ΙΣΡΑΗΛΙΤΙΚΑ ΖΗΤΗΜΑΤΑ
Χθὲς τὴν ἑσπέραν ἔλαβε χώραν εἰς τὴν αἴθουσαν τοῦ Συλλόγου ἡ γενικὴ συνέλευσις τῶν μελῶν, καθ᾽ ἣν συνεζητήθησαν διάφορα ζητήματα ἀφορῶντα εἰς τὴν πρόοδον τοῦ σωματείου καὶ τὴν ἐκλογὴν νέου διοικητικοῦ συμβουλίου. Κατὰ τὴν συνεδρίασιν ὡμίλησαν πολλοὶ ἐκ τῶν παρισταμένων ὑπὲρ τῆς ἐνισχύσεως τῆς κινήσεως καὶ τῆς ὀργανώσεως ἐπὶ νέων βάσεων.
ΦΟΝΟΣ ΒΡΕΦΟΥΣ
Χθὲς τὴν ἑσπέραν ἔλαβε χώραν εἰς τὴν αἴθουσαν τοῦ Συλλόγου ἡ γενικὴ συνέλευσις τῶν μελῶν, καθ᾽ ἣν συνεζητήθησαν διάφορα ζητήματα ἀφορῶντα εἰς τὴν πρόοδον τοῦ σωματείου καὶ τὴν ἐκλογὴν νέου διοικητικοῦ συμβουλίου. Κατὰ τὴν συνεδρίασιν ὡμίλησαν πολλοὶ ἐκ τῶν παρισταμένων ὑπὲρ τῆς ἐνισχύσεως τῆς κινήσεως καὶ τῆς ὀργανώσεως ἐπὶ νέων βάσεων.
ΕΥΧΑΡΙΣΤΙΑΙ ΓΗΡΟΚΟΜΕΙΟΥ
Χθὲς τὴν ἑσπέραν ἔλαβε χώραν εἰς τὴν αἴθουσαν τοῦ Συλλόγου ἡ γενικὴ συνέλευσις τῶν μελῶν, καθ᾽ ἣν συνεζητήθησαν διάφορα ζητήματα ἀφορῶντα εἰς τὴν πρόοδον τοῦ σωματείου καὶ τὴν ἐκλογὴν νέου διοικητικοῦ συμβουλίου. Κατὰ τὴν συνεδρίασιν ὡμίλησαν πολλοὶ ἐκ τῶν παρισταμένων ὑπὲρ τῆς ἐνισχύσεως τῆς κινήσεως καὶ τῆς ὀργανώσεως ἐπὶ νέων βάσεων.
ΔΙΚΗ ΒΙΑΣΤΟΥ
Χθὲς τὴν ἑσπέραν ἔλαβε χώραν εἰς τὴν αἴθουσαν τοῦ Συλλόγου ἡ γενικὴ συνέλευσις τῶν μελῶν, καθ᾽ ἣν συνεζητήθησαν διάφορα ζητήματα ἀφορῶντα εἰς τὴν πρόοδον τοῦ σωματείου καὶ τὴν ἐκλογὴν νέου διοικητικοῦ συμβουλίου. Κατὰ τὴν συνεδρίασιν ὡμίλησαν πολλοὶ ἐκ τῶν παρισταμένων ὑπὲρ τῆς ἐνισχύσεως τῆς κινήσεως καὶ τῆς ὀργανώσεως ἐπὶ νέων βάσεων.
ΑΠΕΛΑΣΕΙΣ
ΣΥΛΛΗΨΙΣ ΔΙΑΡΡΗΚΤΟΥ
Χθὲς τὴν ἑσπέραν ἔλαβε χώραν εἰς τὴν αἴθουσαν τοῦ Συλλόγου ἡ γενικὴ συνέλευσις τῶν μελῶν, καθ᾽ ἣν συνεζητήθησαν διάφορα ζητήματα ἀφορῶντα εἰς τὴν πρόοδον τοῦ σωματείου καὶ τὴν ἐκλογὴν νέου διοικητικοῦ συμβουλίου. Κατὰ τὴν συνεδρίασιν ὡμίλησαν πολλοὶ ἐκ τῶν παρισταμένων ὑπὲρ τῆς ἐνισχύσεως τῆς κινήσεως καὶ τῆς ὀργανώσεως ἐπὶ νέων βάσεων.
Η ΔΗΜΟΣΙΑ ΥΓΕΙΑ
Χθὲς τὴν ἑσπέραν ἔλαβε χώραν εἰς τὴν αἴθουσαν τοῦ Συλλόγου ἡ γενικὴ συνέλευσις τῶν μελῶν, καθ᾽ ἣν συνεζητήθησαν διάφορα ζητήματα ἀφορῶντα εἰς τὴν πρόοδον τοῦ σωματείου καὶ τὴν ἐκλογὴν νέου διοικητικοῦ συμβουλίου. Κατὰ τὴν συνεδρίασιν ὡμίλησαν πολλοὶ ἐκ τῶν παρισταμένων ὑπὲρ τῆς ἐνισχύσεως τῆς κινήσεως καὶ τῆς ὀργανώσεως ἐπὶ νέων βάσεων.
ΔΙΑ ΔΙΑΣ ΚΑΡΔΙΑΝ
Χθὲς τὴν ἑσπέραν ἔλαβε χώραν εἰς τὴν αἴθουσαν τοῦ Συλλόγου ἡ γενικὴ συνέλευσις τῶν μελῶν, καθ᾽ ἣν συνεζητήθησαν διάφορα ζητήματα ἀφορῶντα εἰς τὴν πρόοδον τοῦ σωματείου καὶ τὴν ἐκλογὴν νέου διοικητικοῦ συμβουλίου. Κατὰ τὴν συνεδρίασιν ὡμίλησαν πολλοὶ ἐκ τῶν παρισταμένων ὑπὲρ τῆς ἐνισχύσεως τῆς κινήσεως καὶ τῆς ὀργανώσεως ἐπὶ νέων βάσεων.
ΣΥΛΛΗΨΙΣ ΚΛΕΠΤΩΝ
Χθὲς τὴν ἑσπέραν ἔλαβε χώραν εἰς τὴν αἴθουσαν τοῦ Συλλόγου ἡ γενικὴ συνέλευσις τῶν μελῶν, καθ᾽ ἣν συνεζητήθησαν διάφορα ζητήματα ἀφορῶντα εἰς τὴν πρόοδον τοῦ σωματείου καὶ τὴν ἐκλογὴν νέου διοικητικοῦ συμβουλίου. Κατὰ τὴν συνεδρίασιν ὡμίλησαν πολλοὶ ἐκ τῶν παρισταμένων ὑπὲρ τῆς ἐνισχύσεως τῆς κινήσεως καὶ τῆς ὀργανώσεως ἐπὶ νέων βάσεων.
Χθὲς τὴν ἑσπέραν ἔλαβε χώραν εἰς τὴν αἴθουσαν τοῦ Συλλόγου ἡ γενικὴ συνέλευσις τῶν μελῶν, καθ᾽ ἣν συνεζητήθησαν διάφορα ζητήματα ἀφορῶντα εἰς τὴν πρόοδον τοῦ σωματείου καὶ τὴν ἐκλογὴν νέου διοικητικοῦ συμβουλίου. Κατὰ τὴν συνεδρίασιν ὡμίλησαν πολλοὶ ἐκ τῶν παρισταμένων ὑπὲρ τῆς ἐνισχύσεως τῆς κινήσεως καὶ τῆς ὀργανώσεως ἐπὶ νέων βάσεων.
ΚΗΔΕΙΑ
Χθὲς τὴν ἑσπέραν ἔλαβε χώραν εἰς τὴν αἴθουσαν τοῦ Συλλόγου ἡ γενικὴ συνέλευσις τῶν μελῶν, καθ᾽ ἣν συνεζητήθησαν διάφορα ζητήματα ἀφορῶντα εἰς τὴν πρόοδον τοῦ σωματείου καὶ τὴν ἐκλογὴν νέου διοικητικοῦ συμβουλίου. Κατὰ τὴν συνεδρίασιν ὡμίλησαν πολλοὶ ἐκ τῶν παρισταμένων ὑπὲρ τῆς ἐνισχύσεως τῆς κινήσεως καὶ τῆς ὀργανώσεως ἐπὶ νέων βάσεων.
ΜΙΧ. ΚΟΤΣΙΑΝΟΣ
ΙΑΤΡΟΣ-ΠΑΘΟΛΟΓΟΣ
Χθὲς τὴν ἑσπέραν ἔλαβε χώραν εἰς τὴν αἴθουσαν τοῦ Συλλόγου ἡ γενικὴ συνέλευσις τῶν μελῶν, καθ᾽ ἣν συνεζητήθησαν διάφορα ζητήματα ἀφορῶντα εἰς τὴν πρόοδον τοῦ σωματείου καὶ τὴν ἐκλογὴν νέου διοικητικοῦ συμβουλίου. Κατὰ τὴν συνεδρίασιν ὡμίλησαν πολλοὶ ἐκ τῶν παρισταμένων ὑπὲρ τῆς ἐνισχύσεως τῆς κινήσεως καὶ τῆς ὀργανώσεως ἐπὶ νέων βάσεων.
Ε. ΚΟΛΙΟΥΣΚΑΣ
Χθὲς τὴν ἑσπέραν ἔλαβε χώραν εἰς τὴν αἴθουσαν τοῦ Συλλόγου ἡ γενικὴ συνέλευσις τῶν μελῶν, καθ᾽ ἣν συνεζητήθησαν διάφορα ζητήματα ἀφορῶντα εἰς τὴν πρόοδον τοῦ σωματείου καὶ τὴν ἐκλογὴν νέου διοικητικοῦ συμβουλίου. Κατὰ τὴν συνεδρίασιν ὡμίλησαν πολλοὶ ἐκ τῶν παρισταμένων ὑπὲρ τῆς ἐνισχύσεως τῆς κινήσεως καὶ τῆς ὀργανώσεως ἐπὶ νέων βάσεων.
ΑΝ. ΧΑΡΙΤΑΝΤΗΣ
ΕΙΔΙΚΟΣ ΠΑΘΟΛΟΓΟΣ
Γ. ΜΟΣΧΟΣ
Χθὲς τὴν ἑσπέραν ἔλαβε χώραν εἰς τὴν αἴθουσαν τοῦ Συλλόγου ἡ γενικὴ συνέλευσις τῶν μελῶν, καθ᾽ ἣν συνεζητήθησαν διάφορα ζητήματα ἀφορῶντα εἰς τὴν πρόοδον τοῦ σωματείου καὶ τὴν ἐκλογὴν νέου διοικητικοῦ συμβουλίου. Κατὰ τὴν συνεδρίασιν ὡμίλησαν πολλοὶ ἐκ τῶν παρισταμένων ὑπὲρ τῆς ἐνισχύσεως τῆς κινήσεως καὶ τῆς ὀργανώσεως ἐπὶ νέων βάσεων.
ΑΛΕΞ. Θ. ΜΟΥΛΑΣ
Στοματολόγος Ὀδοντοϊατρὸς
